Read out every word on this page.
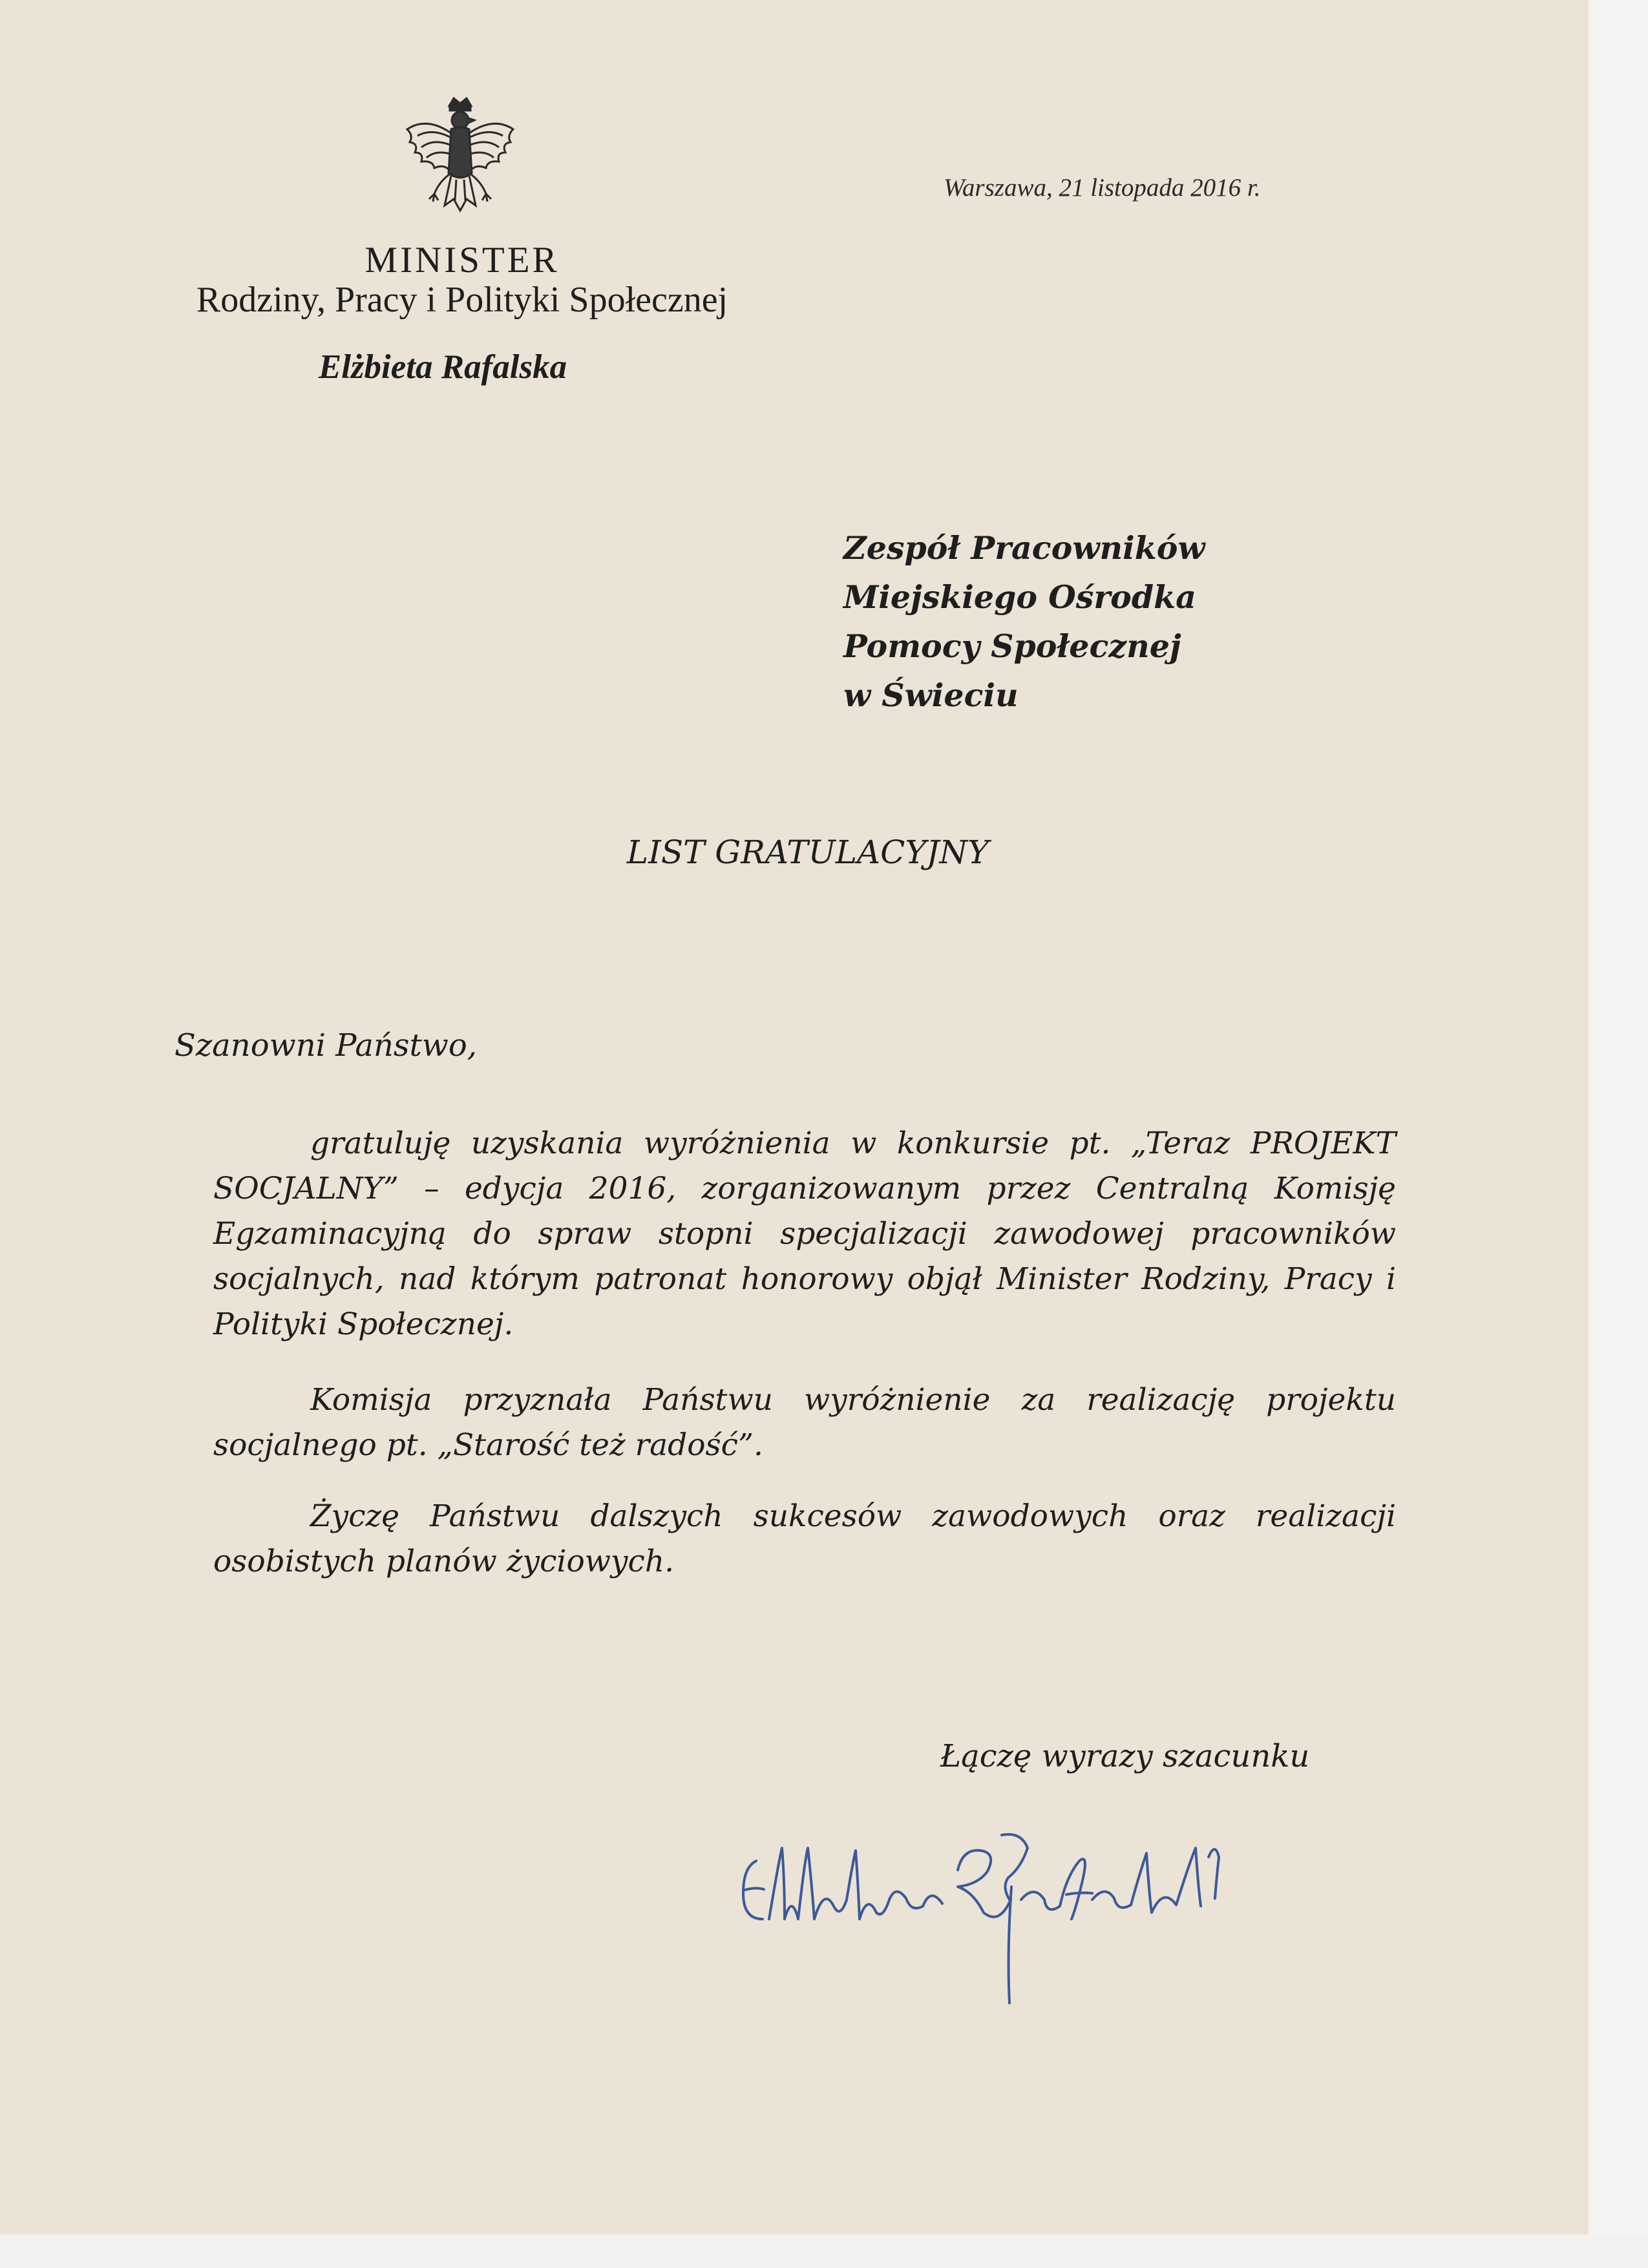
MINISTER

Rodziny, Pracy i Polityki Społecznej

Elżbieta Rafalska

Warszawa, 21 listopada 2016 r.

Zespół Pracowników
Miejskiego Ośrodka
Pomocy Społecznej
w Świeciu

LIST GRATULACYJNY

Szanowni Państwo,

gratuluję uzyskania wyróżnienia w konkursie pt. „Teraz PROJEKT SOCJALNY” – edycja 2016, zorganizowanym przez Centralną Komisję Egzaminacyjną do spraw stopni specjalizacji zawodowej pracowników socjalnych, nad którym patronat honorowy objął Minister Rodziny, Pracy i Polityki Społecznej.

Komisja przyznała Państwu wyróżnienie za realizację projektu socjalnego pt. „Starość też radość”.

Życzę Państwu dalszych sukcesów zawodowych oraz realizacji osobistych planów życiowych.

Łączę wyrazy szacunku
